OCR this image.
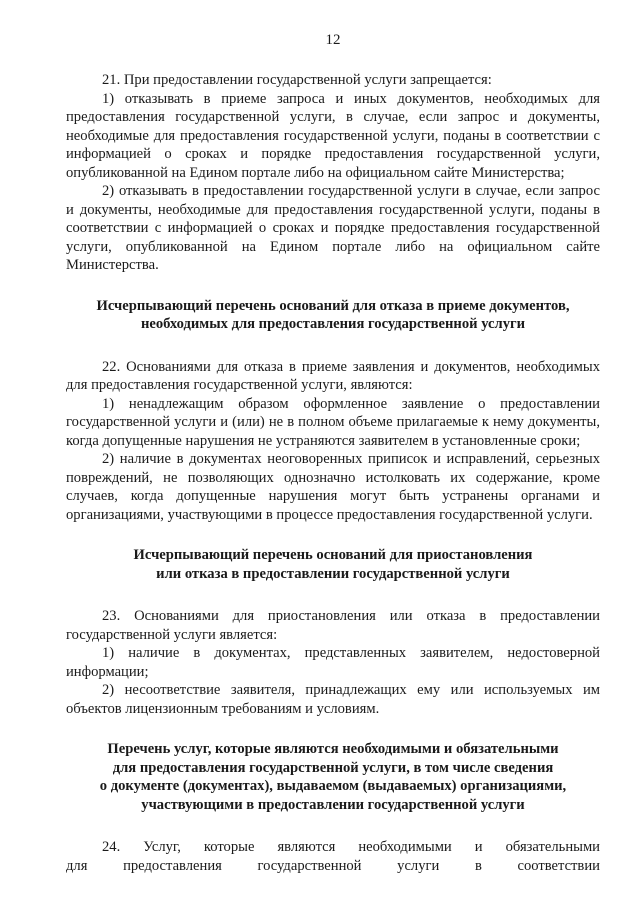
12

21. При предоставлении государственной услуги запрещается:

1) отказывать в приеме запроса и иных документов, необходимых для предоставления государственной услуги, в случае, если запрос и документы, необходимые для предоставления государственной услуги, поданы в соответствии с информацией о сроках и порядке предоставления государственной услуги, опубликованной на Едином портале либо на официальном сайте Министерства;

2) отказывать в предоставлении государственной услуги в случае, если запрос и документы, необходимые для предоставления государственной услуги, поданы в соответствии с информацией о сроках и порядке предоставления государственной услуги, опубликованной на Едином портале либо на официальном сайте Министерства.

Исчерпывающий перечень оснований для отказа в приеме документов,
необходимых для предоставления государственной услуги

22. Основаниями для отказа в приеме заявления и документов, необходимых для предоставления государственной услуги, являются:

1) ненадлежащим образом оформленное заявление о предоставлении государственной услуги и (или) не в полном объеме прилагаемые к нему документы, когда допущенные нарушения не устраняются заявителем в установленные сроки;

2) наличие в документах неоговоренных приписок и исправлений, серьезных повреждений, не позволяющих однозначно истолковать их содержание, кроме случаев, когда допущенные нарушения могут быть устранены органами и организациями, участвующими в процессе предоставления государственной услуги.

Исчерпывающий перечень оснований для приостановления
или отказа в предоставлении государственной услуги

23. Основаниями для приостановления или отказа в предоставлении государственной услуги является:

1) наличие в документах, представленных заявителем, недостоверной информации;

2) несоответствие заявителя, принадлежащих ему или используемых им объектов лицензионным требованиям и условиям.

Перечень услуг, которые являются необходимыми и обязательными
для предоставления государственной услуги, в том числе сведения
о документе (документах), выдаваемом (выдаваемых) организациями,
участвующими в предоставлении государственной услуги

24. Услуг, которые являются необходимыми и обязательными

для предоставления государственной услуги в соответствии
